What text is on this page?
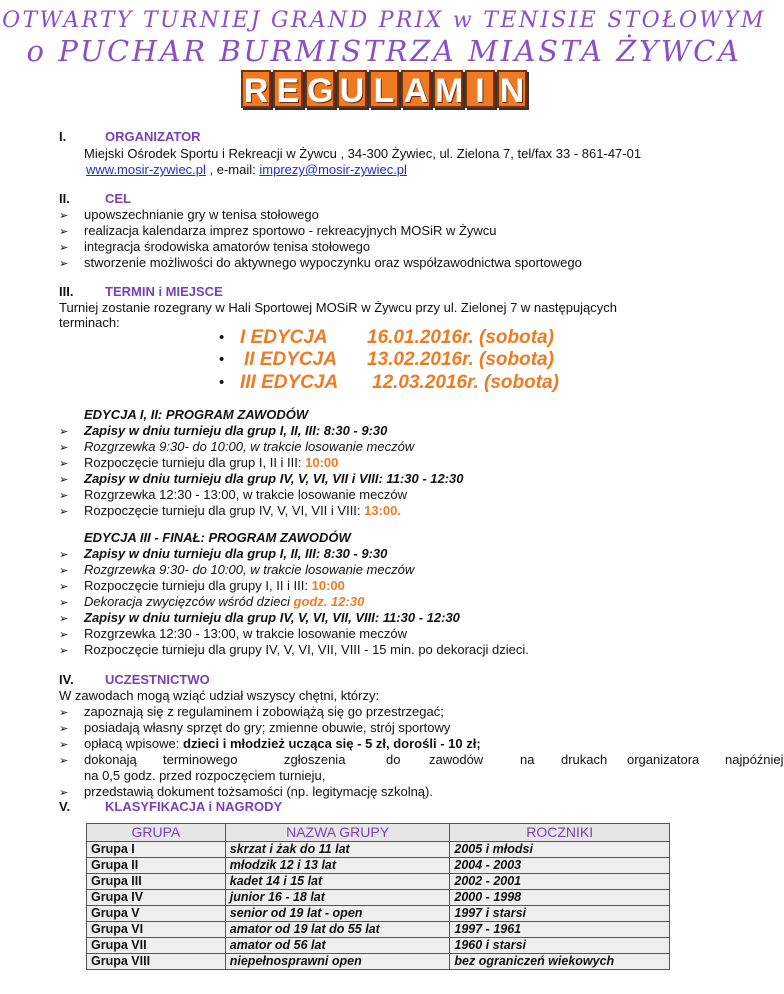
OTWARTY TURNIEJ GRAND PRIX w TENISIE STOŁOWYM
o PUCHAR BURMISTRZA MIASTA ŻYWCA
R E G U L A M I N
I.	ORGANIZATOR
Miejski Ośrodek Sportu i Rekreacji w Żywcu , 34-300 Żywiec, ul. Zielona 7, tel/fax 33 - 861-47-01
www.mosir-zywiec.pl , e-mail: imprezy@mosir-zywiec.pl
II.	CEL
➢ upowszechnianie gry w tenisa stołowego
➢ realizacja kalendarza imprez sportowo - rekreacyjnych MOSiR w Żywcu
➢ integracja środowiska amatorów tenisa stołowego
➢ stworzenie możliwości do aktywnego wypoczynku oraz współzawodnictwa sportowego
III. TERMIN i MIEJSCE
Turniej zostanie rozegrany w Hali Sportowej MOSiR w Żywcu przy ul. Zielonej 7 w następujących
terminach:
• I EDYCJA 16.01.2016r. (sobota)
• II EDYCJA 13.02.2016r. (sobota)
• III EDYCJA 12.03.2016r. (sobota)
EDYCJA I, II: PROGRAM ZAWODÓW
➢ Zapisy w dniu turnieju dla grup I, II, III: 8:30 - 9:30
➢ Rozgrzewka 9:30- do 10:00, w trakcie losowanie meczów
➢ Rozpoczęcie turnieju dla grup I, II i III: 10:00
➢ Zapisy w dniu turnieju dla grup IV, V, VI, VII i VIII: 11:30 - 12:30
➢ Rozgrzewka 12:30 - 13:00, w trakcie losowanie meczów
➢ Rozpoczęcie turnieju dla grup IV, V, VI, VII i VIII: 13:00.
EDYCJA III - FINAŁ: PROGRAM ZAWODÓW
➢ Zapisy w dniu turnieju dla grup I, II, III: 8:30 - 9:30
➢ Rozgrzewka 9:30- do 10:00, w trakcie losowanie meczów
➢ Rozpoczęcie turnieju dla grupy I, II i III: 10:00
➢ Dekoracja zwycięzców wśród dzieci godz. 12:30
➢ Zapisy w dniu turnieju dla grup IV, V, VI, VII, VIII: 11:30 - 12:30
➢ Rozgrzewka 12:30 - 13:00, w trakcie losowanie meczów
➢ Rozpoczęcie turnieju dla grupy IV, V, VI, VII, VIII - 15 min. po dekoracji dzieci.
IV. UCZESTNICTWO
W zawodach mogą wziąć udział wszyscy chętni, którzy:
➢ zapoznają się z regulaminem i zobowiążą się go przestrzegać;
➢ posiadają własny sprzęt do gry; zmienne obuwie, strój sportowy
➢ opłacą wpisowe: dzieci i młodzież ucząca się - 5 zł, dorośli - 10 zł;
➢ dokonają terminowego	zgłoszenia	do zawodów	na drukach organizatora najpóźniej
na 0,5 godz. przed rozpoczęciem turnieju,
➢ przedstawią dokument tożsamości (np. legitymację szkolną).
V.	KLASYFIKACJA i NAGRODY
GRUPA	NAZWA GRUPY	ROCZNIKI
Grupa I	skrzat i żak do 11 lat	2005 i młodsi
Grupa II	młodzik 12 i 13 lat	2004 - 2003
Grupa III	kadet 14 i 15 lat	2002 - 2001
Grupa IV	junior 16 - 18 lat	2000 - 1998
Grupa V	senior od 19 lat - open	1997 i starsi
Grupa VI	amator od 19 lat do 55 lat	1997 - 1961
Grupa VII	amator od 56 lat	1960 i starsi
Grupa VIII	niepełnosprawni open	bez ograniczeń wiekowych
